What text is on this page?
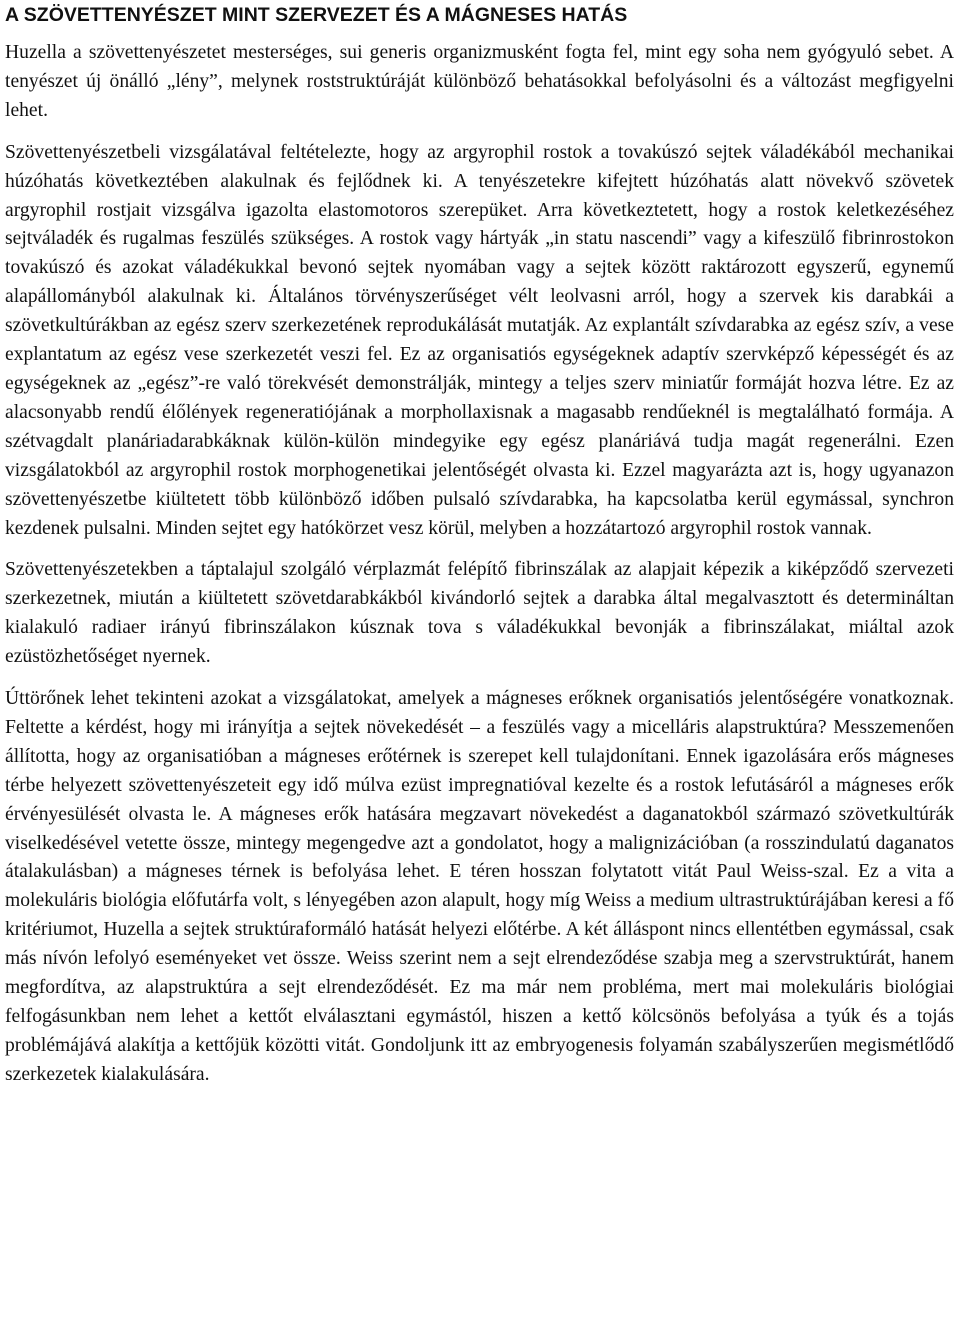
A SZÖVETTENYÉSZET MINT SZERVEZET ÉS A MÁGNESES HATÁS

Huzella a szövettenyészetet mesterséges, sui generis organizmusként fogta fel, mint egy soha nem gyógyuló sebet. A tenyészet új önálló „lény”, melynek roststruktúráját különböző behatásokkal befolyásolni és a változást megfigyelni lehet.

Szövettenyészetbeli vizsgálatával feltételezte, hogy az argyrophil rostok a tovakúszó sejtek váladékából mechanikai húzóhatás következtében alakulnak és fejlődnek ki. A tenyészetekre kifejtett húzóhatás alatt növekvő szövetek argyrophil rostjait vizsgálva igazolta elastomotoros szerepüket. Arra következtetett, hogy a rostok keletkezéséhez sejtváladék és rugalmas feszülés szükséges. A rostok vagy hártyák „in statu nascendi” vagy a kifeszülő fibrinrostokon tovakúszó és azokat váladékukkal bevonó sejtek nyomában vagy a sejtek között raktározott egyszerű, egynemű alapállományból alakulnak ki. Általános törvényszerűséget vélt leolvasni arról, hogy a szervek kis darabkái a szövetkultúrákban az egész szerv szerkezetének reprodukálását mutatják. Az explantált szívdarabka az egész szív, a vese explantatum az egész vese szerkezetét veszi fel. Ez az organisatiós egységeknek adaptív szervképző képességét és az egységeknek az „egész”-re való törekvését demonstrálják, mintegy a teljes szerv miniatűr formáját hozva létre. Ez az alacsonyabb rendű élőlények regeneratiójának a morphollaxisnak a magasabb rendűeknél is megtalálható formája. A szétvagdalt planáriadarabkáknak külön-külön mindegyike egy egész planáriává tudja magát regenerálni. Ezen vizsgálatokból az argyrophil rostok morphogenetikai jelentőségét olvasta ki. Ezzel magyarázta azt is, hogy ugyanazon szövettenyészetbe kiültetett több különböző időben pulsaló szívdarabka, ha kapcsolatba kerül egymással, synchron kezdenek pulsalni. Minden sejtet egy hatókörzet vesz körül, melyben a hozzátartozó argyrophil rostok vannak.

Szövettenyészetekben a táptalajul szolgáló vérplazmát felépítő fibrinszálak az alapjait képezik a kiképződő szervezeti szerkezetnek, miután a kiültetett szövetdarabkákból kivándorló sejtek a darabka által megalvasztott és determináltan kialakuló radiaer irányú fibrinszálakon kúsznak tova s váladékukkal bevonják a fibrinszálakat, miáltal azok ezüstözhetőséget nyernek.

Úttörőnek lehet tekinteni azokat a vizsgálatokat, amelyek a mágneses erőknek organisatiós jelentőségére vonatkoznak. Feltette a kérdést, hogy mi irányítja a sejtek növekedését – a feszülés vagy a micelláris alapstruktúra? Messzemenően állította, hogy az organisatióban a mágneses erőtérnek is szerepet kell tulajdonítani. Ennek igazolására erős mágneses térbe helyezett szövettenyészeteit egy idő múlva ezüst impregnatióval kezelte és a rostok lefutásáról a mágneses erők érvényesülését olvasta le. A mágneses erők hatására megzavart növekedést a daganatokból származó szövetkultúrák viselkedésével vetette össze, mintegy megengedve azt a gondolatot, hogy a malignizációban (a rosszindulatú daganatos átalakulásban) a mágneses térnek is befolyása lehet. E téren hosszan folytatott vitát Paul Weiss-szal. Ez a vita a molekuláris biológia előfutárfa volt, s lényegében azon alapult, hogy míg Weiss a medium ultrastruktúrájában keresi a fő kritériumot, Huzella a sejtek struktúraformáló hatását helyezi előtérbe. A két álláspont nincs ellentétben egymással, csak más nívón lefolyó eseményeket vet össze. Weiss szerint nem a sejt elrendeződése szabja meg a szervstruktúrát, hanem megfordítva, az alapstruktúra a sejt elrendeződését. Ez ma már nem probléma, mert mai molekuláris biológiai felfogásunkban nem lehet a kettőt elválasztani egymástól, hiszen a kettő kölcsönös befolyása a tyúk és a tojás problémájává alakítja a kettőjük közötti vitát. Gondoljunk itt az embryogenesis folyamán szabályszerűen megismétlődő szerkezetek kialakulására.
